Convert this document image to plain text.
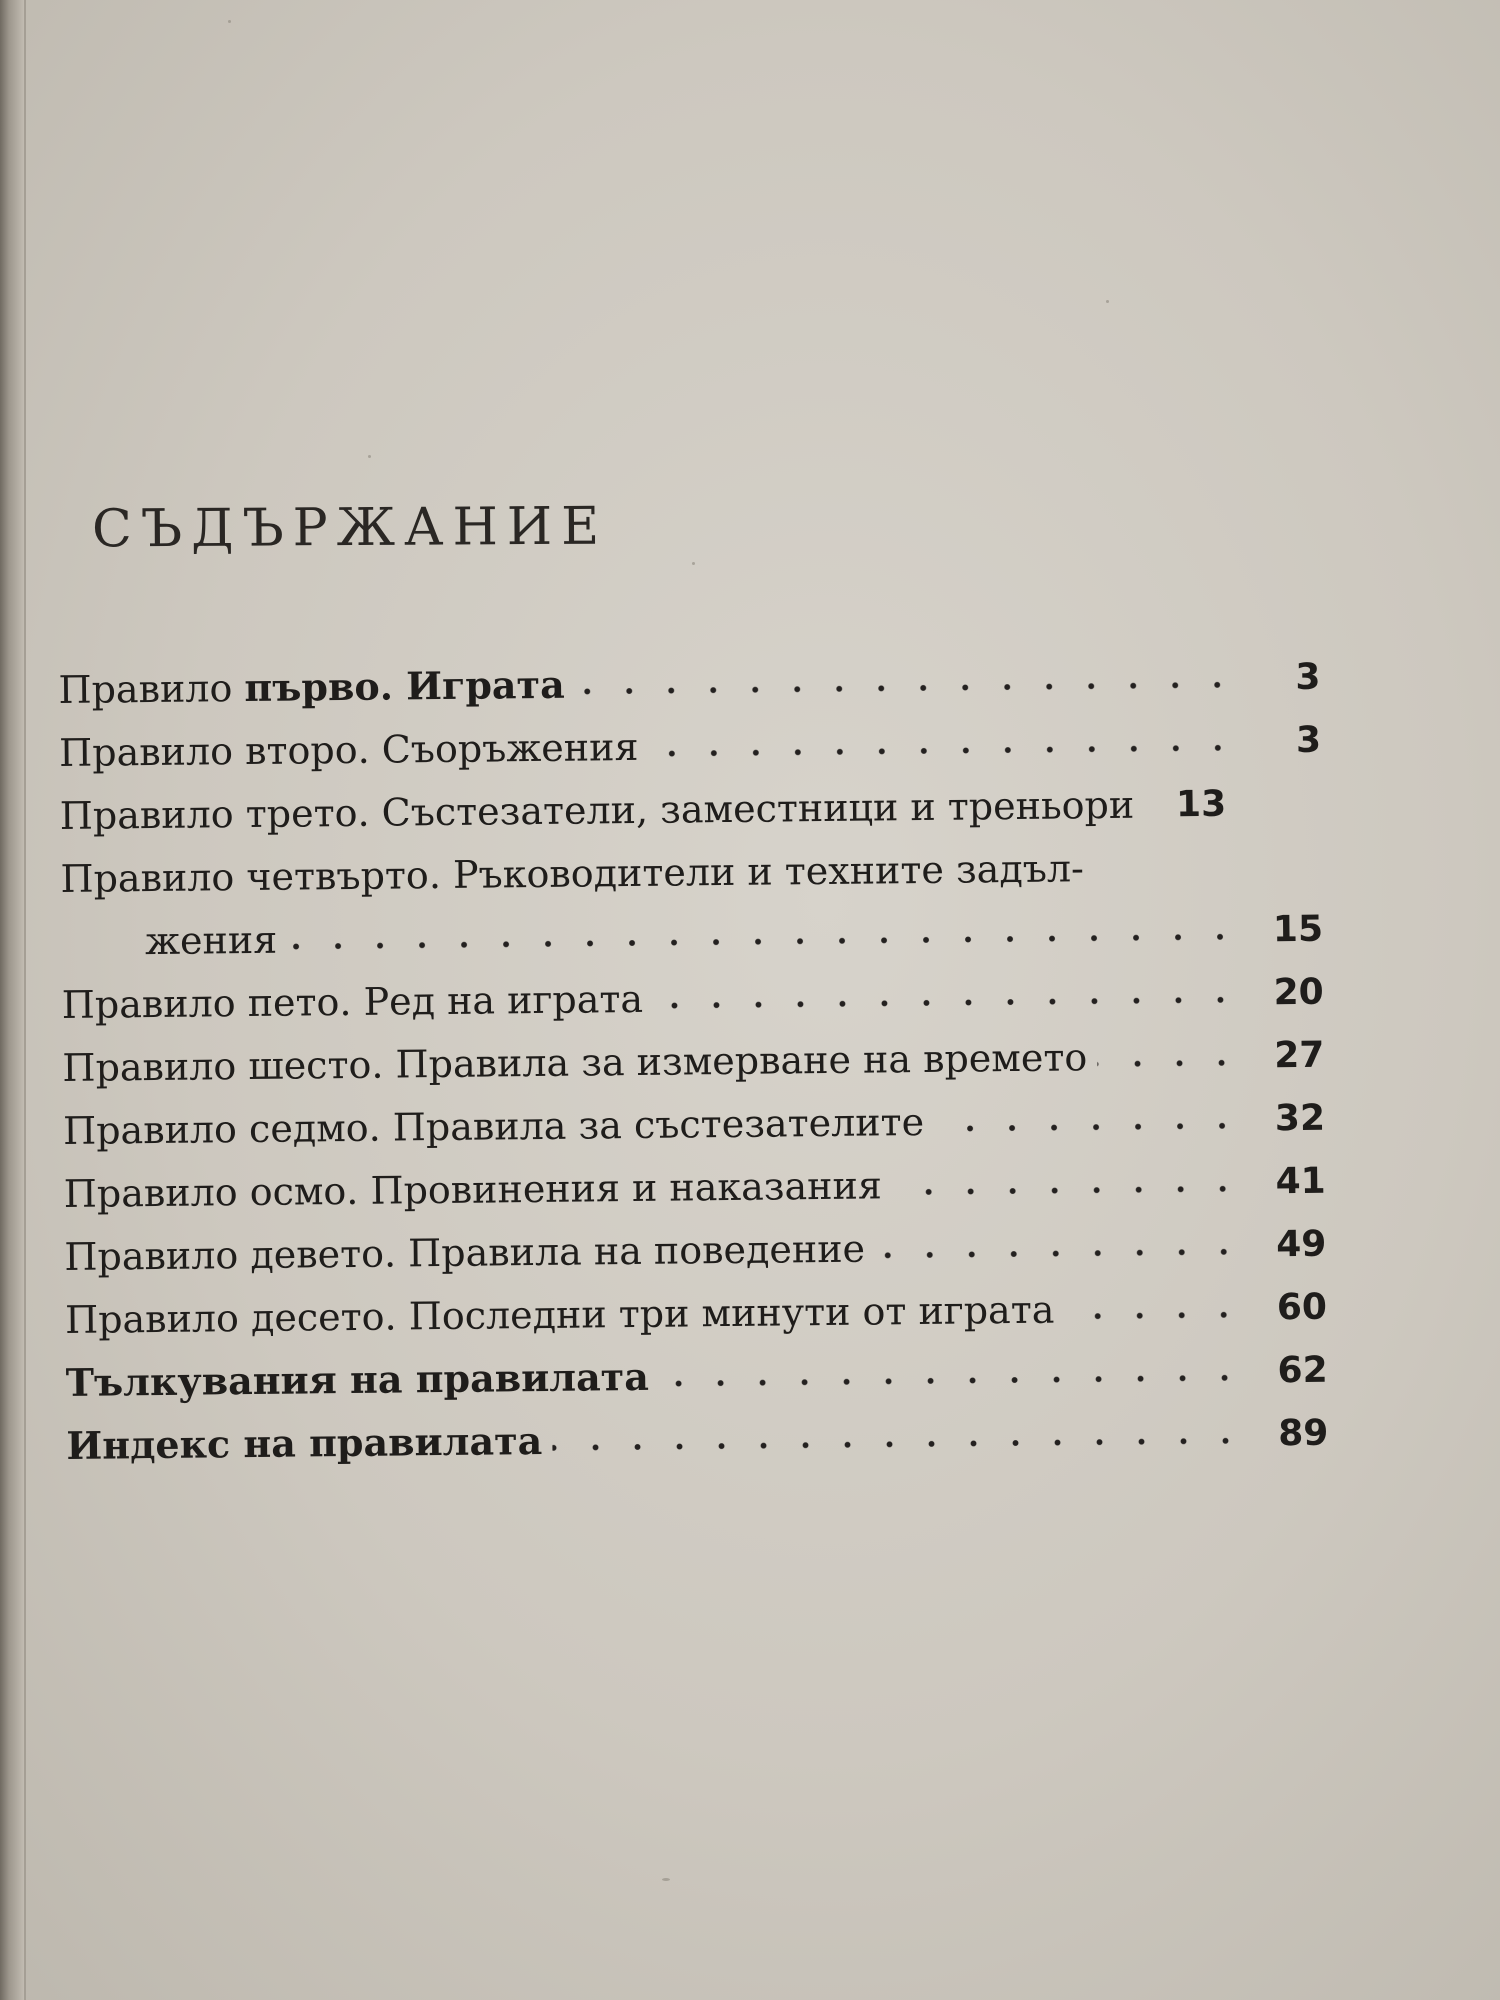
СЪДЪРЖАНИЕ
Правило първо. Играта	3
Правило второ. Съоръжения	3
Правило трето. Състезатели, заместници и треньори	13
Правило четвърто. Ръководители и техните задъл-
жения	15
Правило пето. Ред на играта	20
Правило шесто. Правила за измерване на времето	27
Правило седмо. Правила за състезателите	32
Правило осмо. Провинения и наказания	41
Правило девето. Правила на поведение	49
Правило десето. Последни три минути от играта	60
Тълкувания на правилата	62
Индекс на правилата	89
